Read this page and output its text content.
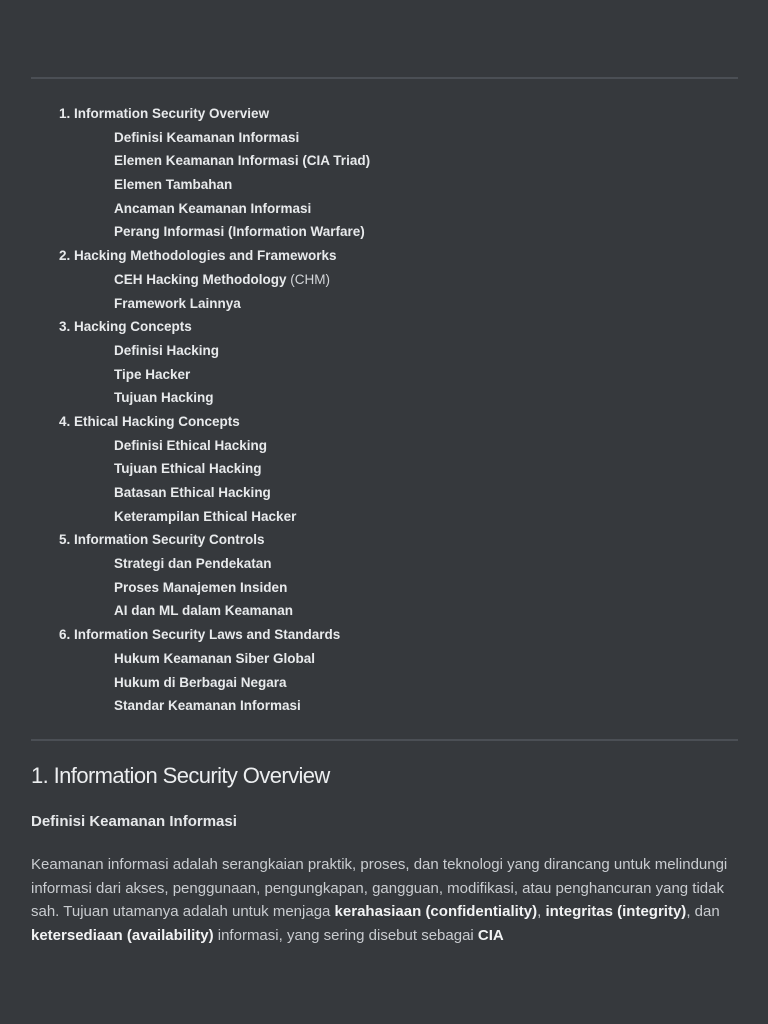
1. Information Security Overview
Definisi Keamanan Informasi
Elemen Keamanan Informasi (CIA Triad)
Elemen Tambahan
Ancaman Keamanan Informasi
Perang Informasi (Information Warfare)
2. Hacking Methodologies and Frameworks
CEH Hacking Methodology (CHM)
Framework Lainnya
3. Hacking Concepts
Definisi Hacking
Tipe Hacker
Tujuan Hacking
4. Ethical Hacking Concepts
Definisi Ethical Hacking
Tujuan Ethical Hacking
Batasan Ethical Hacking
Keterampilan Ethical Hacker
5. Information Security Controls
Strategi dan Pendekatan
Proses Manajemen Insiden
AI dan ML dalam Keamanan
6. Information Security Laws and Standards
Hukum Keamanan Siber Global
Hukum di Berbagai Negara
Standar Keamanan Informasi
1. Information Security Overview
Definisi Keamanan Informasi

Keamanan informasi adalah serangkaian praktik, proses, dan teknologi yang dirancang untuk melindungi informasi dari akses, penggunaan, pengungkapan, gangguan, modifikasi, atau penghancuran yang tidak sah. Tujuan utamanya adalah untuk menjaga kerahasiaan (confidentiality), integritas (integrity), dan ketersediaan (availability) informasi, yang sering disebut sebagai CIA
